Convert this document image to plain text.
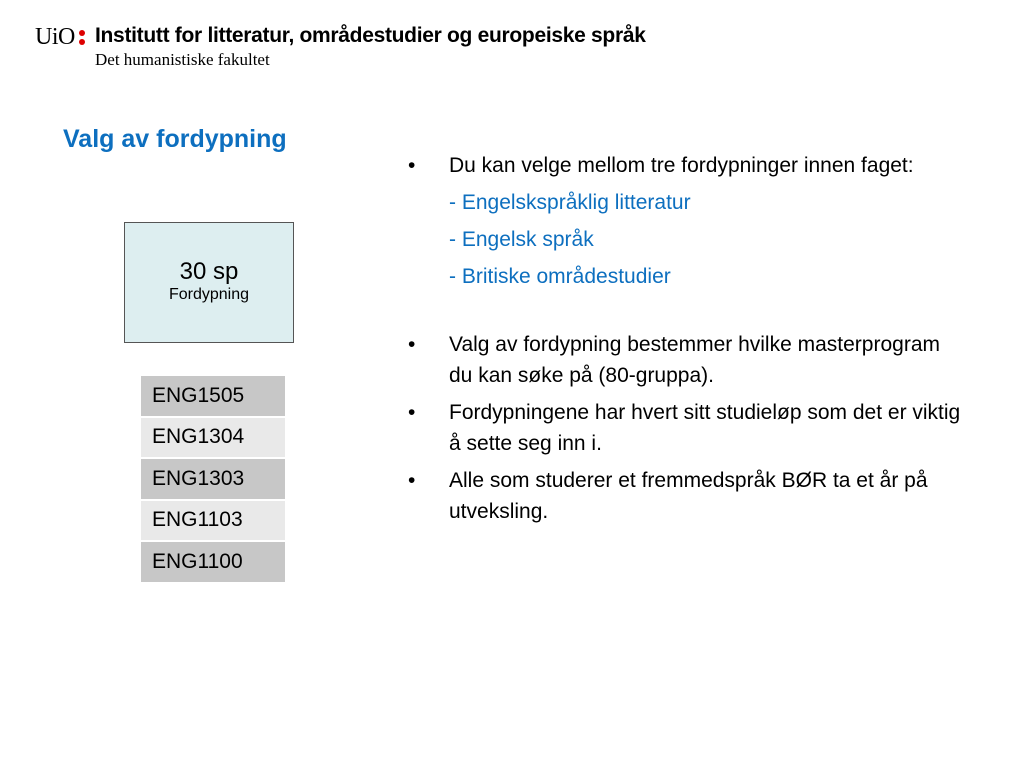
UiO Institutt for litteratur, områdestudier og europeiske språk
Det humanistiske fakultet
Valg av fordypning
30 sp
Fordypning
ENG1505
ENG1304
ENG1303
ENG1103
ENG1100
• Du kan velge mellom tre fordypninger innen faget:
- Engelskspråklig litteratur
- Engelsk språk
- Britiske områdestudier
• Valg av fordypning bestemmer hvilke masterprogram du kan søke på (80-gruppa).
• Fordypningene har hvert sitt studieløp som det er viktig å sette seg inn i.
• Alle som studerer et fremmedspråk BØR ta et år på utveksling.
